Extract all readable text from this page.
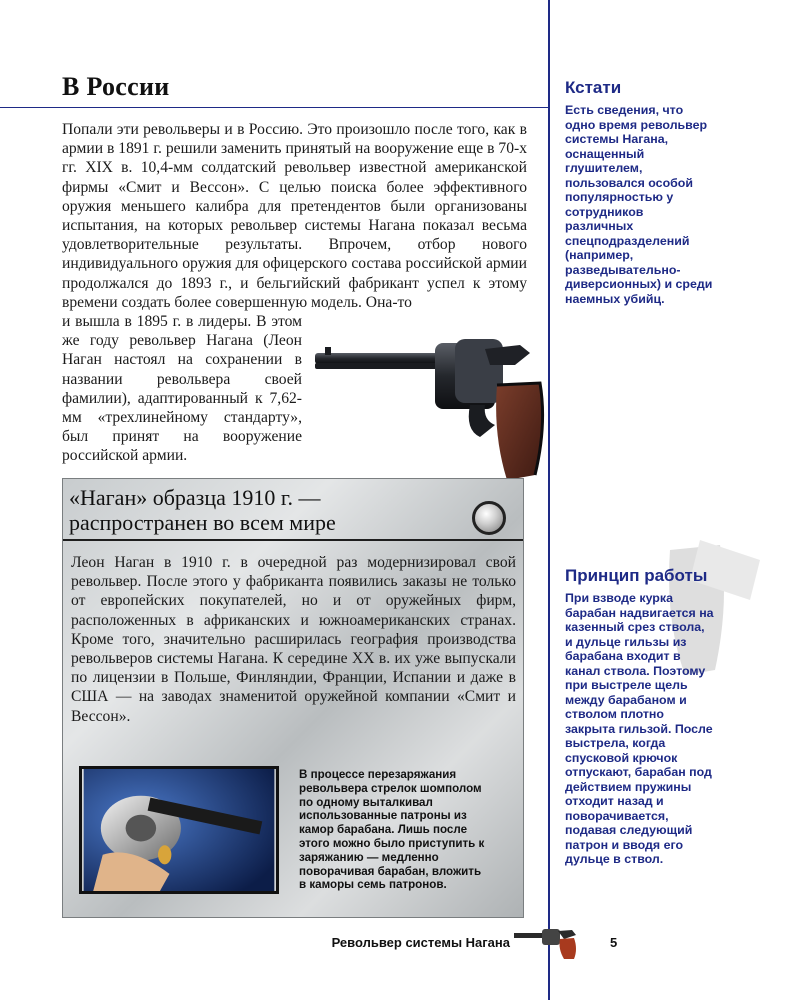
В России
Попали эти револьверы и в Россию. Это произошло после того, как в армии в 1891 г. решили заменить принятый на вооружение еще в 70-х гг. XIX в. 10,4-мм солдатский револьвер известной американской фирмы «Смит и Вессон». С целью поиска более эффективного оружия меньшего калибра для претендентов были организованы испытания, на которых револьвер системы Нагана показал весьма удовлетворительные результаты. Впрочем, отбор нового индивидуального оружия для офицерского состава российской армии продолжался до 1893 г., и бельгийский фабрикант успел к этому времени создать более совершенную модель. Она-то
и вышла в 1895 г. в лидеры. В этом же году револьвер Нагана (Леон Наган настоял на сохранении в названии револьвера своей фамилии), адаптированный к 7,62-мм «трехлинейному стандарту», был принят на вооружение российской армии.
Кстати

Есть сведения, что одно время револьвер системы Нагана, оснащенный глушителем, пользовался особой популярностью у сотрудников различных спецподразделений (например, разведывательно-диверсионных) и среди наемных убийц.

Принцип работы

При взводе курка барабан надвигается на казенный срез ствола, и дульце гильзы из барабана входит в канал ствола. Поэтому при выстреле щель между барабаном и стволом плотно закрыта гильзой. После выстрела, когда спусковой крючок отпускают, барабан под действием пружины отходит назад и поворачивается, подавая следующий патрон и вводя его дульце в ствол.

«Наган» образца 1910 г. — распространен во всем мире
Леон Наган в 1910 г. в очередной раз модернизировал свой револьвер. После этого у фабриканта появились заказы не только от европейских покупателей, но и от оружейных фирм, расположенных в африканских и южноамериканских странах. Кроме того, значительно расширилась география производства револьверов системы Нагана. К середине XX в. их уже выпускали по лицензии в Польше, Финляндии, Франции, Испании и даже в США — на заводах знаменитой оружейной компании «Смит и Вессон».
В процессе перезаряжания револьвера стрелок шомполом по одному выталкивал использованные патроны из камор барабана. Лишь после этого можно было приступить к заряжанию — медленно поворачивая барабан, вложить в каморы семь патронов.
Револьвер системы Нагана	5
